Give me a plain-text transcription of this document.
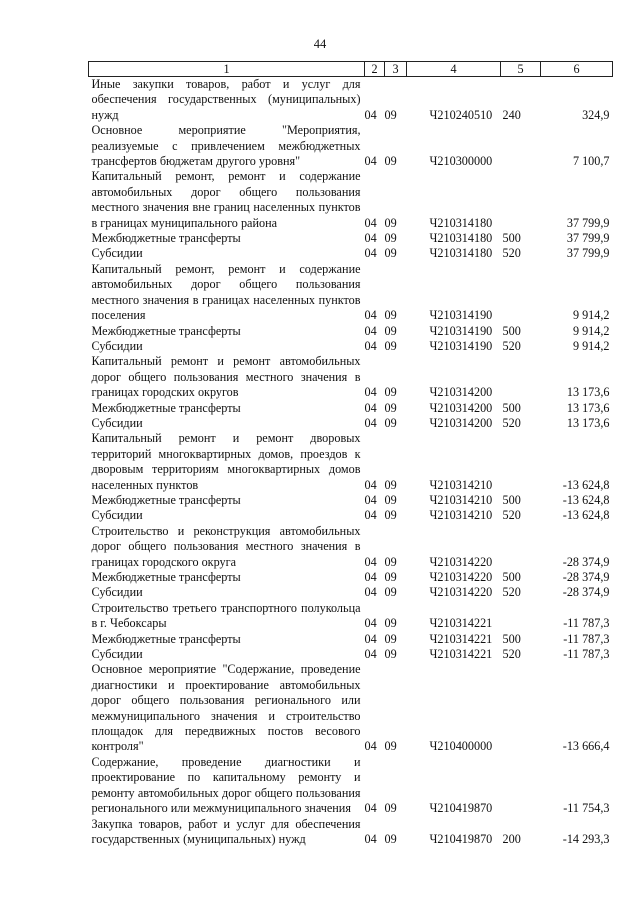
44
1	2	3	4	5	6
Иные закупки товаров, работ и услуг для обеспечения государственных (муниципальных) нужд	04	09	Ч210240510	240	324,9
Основное мероприятие "Мероприятия, реализуемые с привлечением межбюджетных трансфертов бюджетам другого уровня"	04	09	Ч210300000		7 100,7
Капитальный ремонт, ремонт и содержание автомобильных дорог общего пользования местного значения вне границ населенных пунктов в границах муниципального района	04	09	Ч210314180		37 799,9
Межбюджетные трансферты	04	09	Ч210314180	500	37 799,9
Субсидии	04	09	Ч210314180	520	37 799,9
Капитальный ремонт, ремонт и содержание автомобильных дорог общего пользования местного значения в границах населенных пунктов поселения	04	09	Ч210314190		9 914,2
Межбюджетные трансферты	04	09	Ч210314190	500	9 914,2
Субсидии	04	09	Ч210314190	520	9 914,2
Капитальный ремонт и ремонт автомобильных дорог общего пользования местного значения в границах городских округов	04	09	Ч210314200		13 173,6
Межбюджетные трансферты	04	09	Ч210314200	500	13 173,6
Субсидии	04	09	Ч210314200	520	13 173,6
Капитальный ремонт и ремонт дворовых территорий многоквартирных домов, проездов к дворовым территориям многоквартирных домов населенных пунктов	04	09	Ч210314210		-13 624,8
Межбюджетные трансферты	04	09	Ч210314210	500	-13 624,8
Субсидии	04	09	Ч210314210	520	-13 624,8
Строительство и реконструкция автомобильных дорог общего пользования местного значения в границах городского округа	04	09	Ч210314220		-28 374,9
Межбюджетные трансферты	04	09	Ч210314220	500	-28 374,9
Субсидии	04	09	Ч210314220	520	-28 374,9
Строительство третьего транспортного полукольца в г. Чебоксары	04	09	Ч210314221		-11 787,3
Межбюджетные трансферты	04	09	Ч210314221	500	-11 787,3
Субсидии	04	09	Ч210314221	520	-11 787,3
Основное мероприятие "Содержание, проведение диагностики и проектирование автомобильных дорог общего пользования регионального или межмуниципального значения и строительство площадок для передвижных постов весового контроля"	04	09	Ч210400000		-13 666,4
Содержание, проведение диагностики и проектирование по капитальному ремонту и ремонту автомобильных дорог общего пользования регионального или межмуниципального значения	04	09	Ч210419870		-11 754,3
Закупка товаров, работ и услуг для обеспечения государственных (муниципальных) нужд	04	09	Ч210419870	200	-14 293,3
